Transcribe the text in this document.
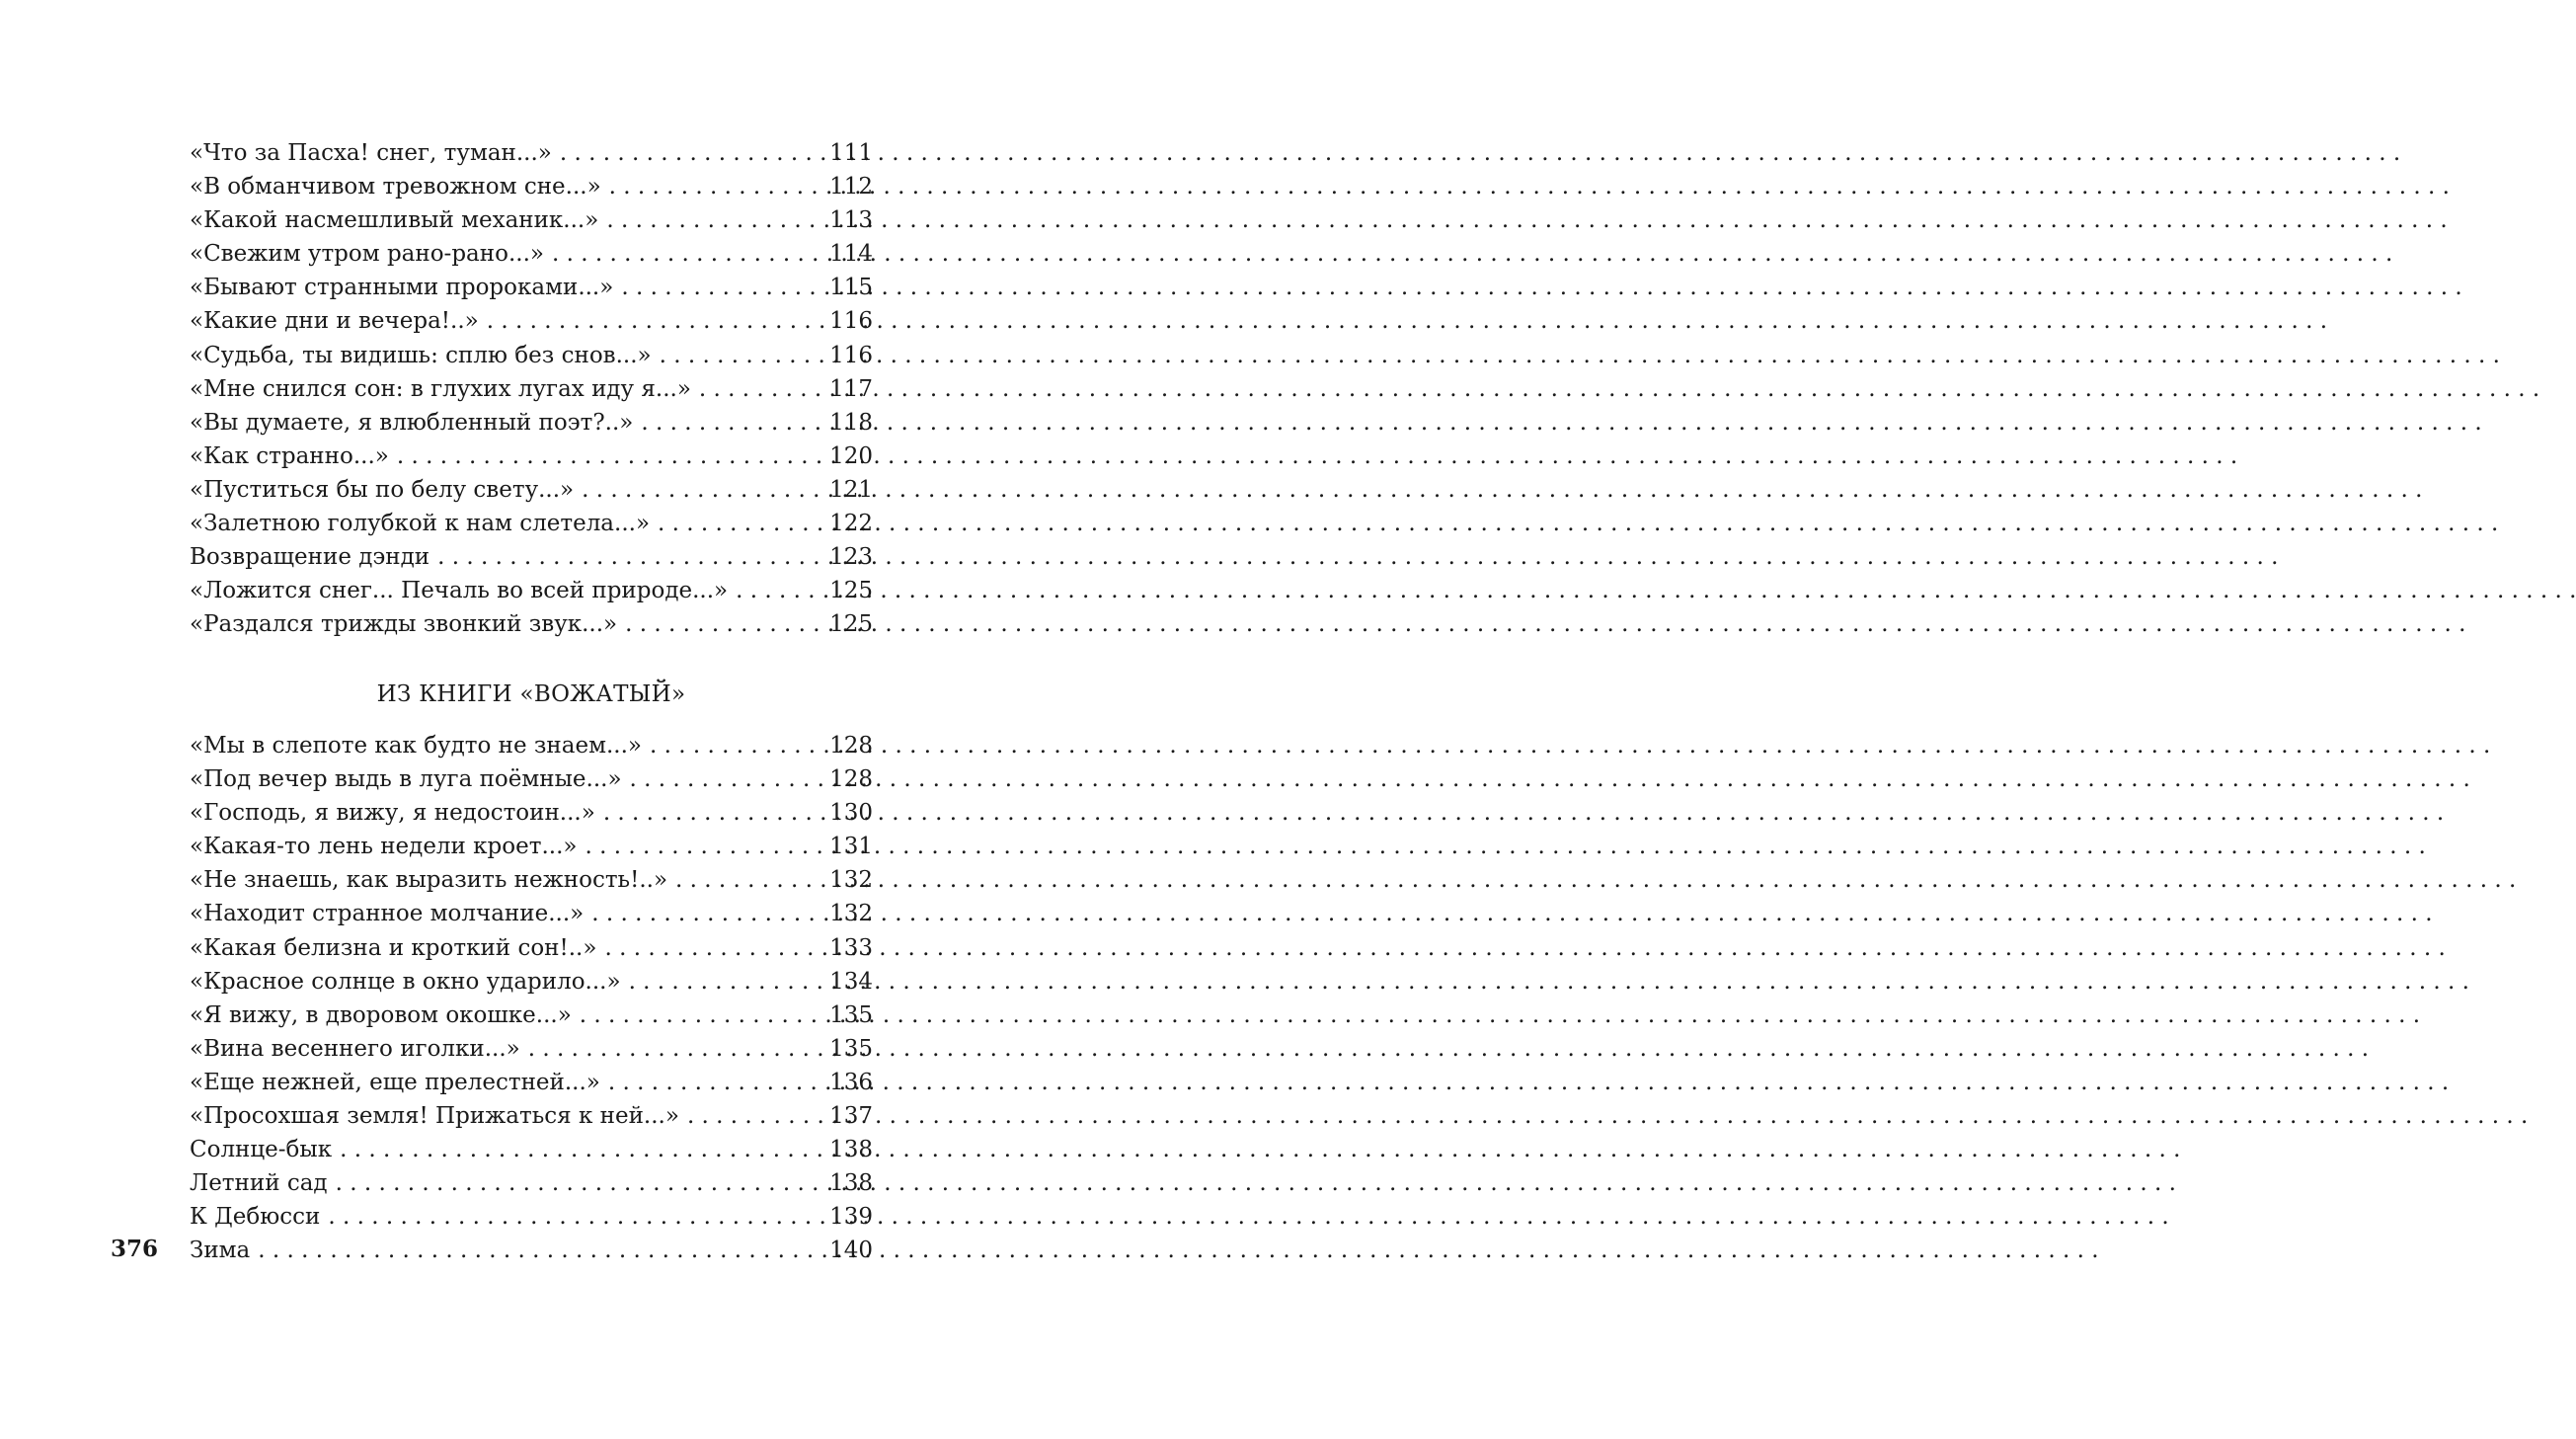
«Что за Пасха! снег, туман...» . . .	111
«В обманчивом тревожном сне...» . . .	112
«Какой насмешливый механик...» . . .	113
«Свежим утром рано-рано...» . . .	114
«Бывают странными пророками...» . . .	115
«Какие дни и вечера!..» . . .	116
«Судьба, ты видишь: сплю без снов...» . . .	116
«Мне снился сон: в глухих лугах иду я...» . . .	117
«Вы думаете, я влюбленный поэт?..» . . .	118
«Как странно...» . . .	120
«Пуститься бы по белу свету...» . . .	121
«Залетною голубкой к нам слетела...» . . .	122
Возвращение дэнди . . .	123
«Ложится снег... Печаль во всей природе...» . . .	125
«Раздался трижды звонкий звук...» . . .	125
ИЗ КНИГИ «ВОЖАТЫЙ»
«Мы в слепоте как будто не знаем...» . . .	128
«Под вечер выдь в луга поёмные...» . . .	128
«Господь, я вижу, я недостоин...» . . .	130
«Какая-то лень недели кроет...» . . .	131
«Не знаешь, как выразить нежность!..» . . .	132
«Находит странное молчание...» . . .	132
«Какая белизна и кроткий сон!..» . . .	133
«Красное солнце в окно ударило...» . . .	134
«Я вижу, в дворовом окошке...» . . .	135
«Вина весеннего иголки...» . . .	135
«Еще нежней, еще прелестней...» . . .	136
«Просохшая земля! Прижаться к ней...» . . .	137
Солнце-бык . . .	138
Летний сад . . .	138
К Дебюсси . . .	139
Зима . . .	140
376
